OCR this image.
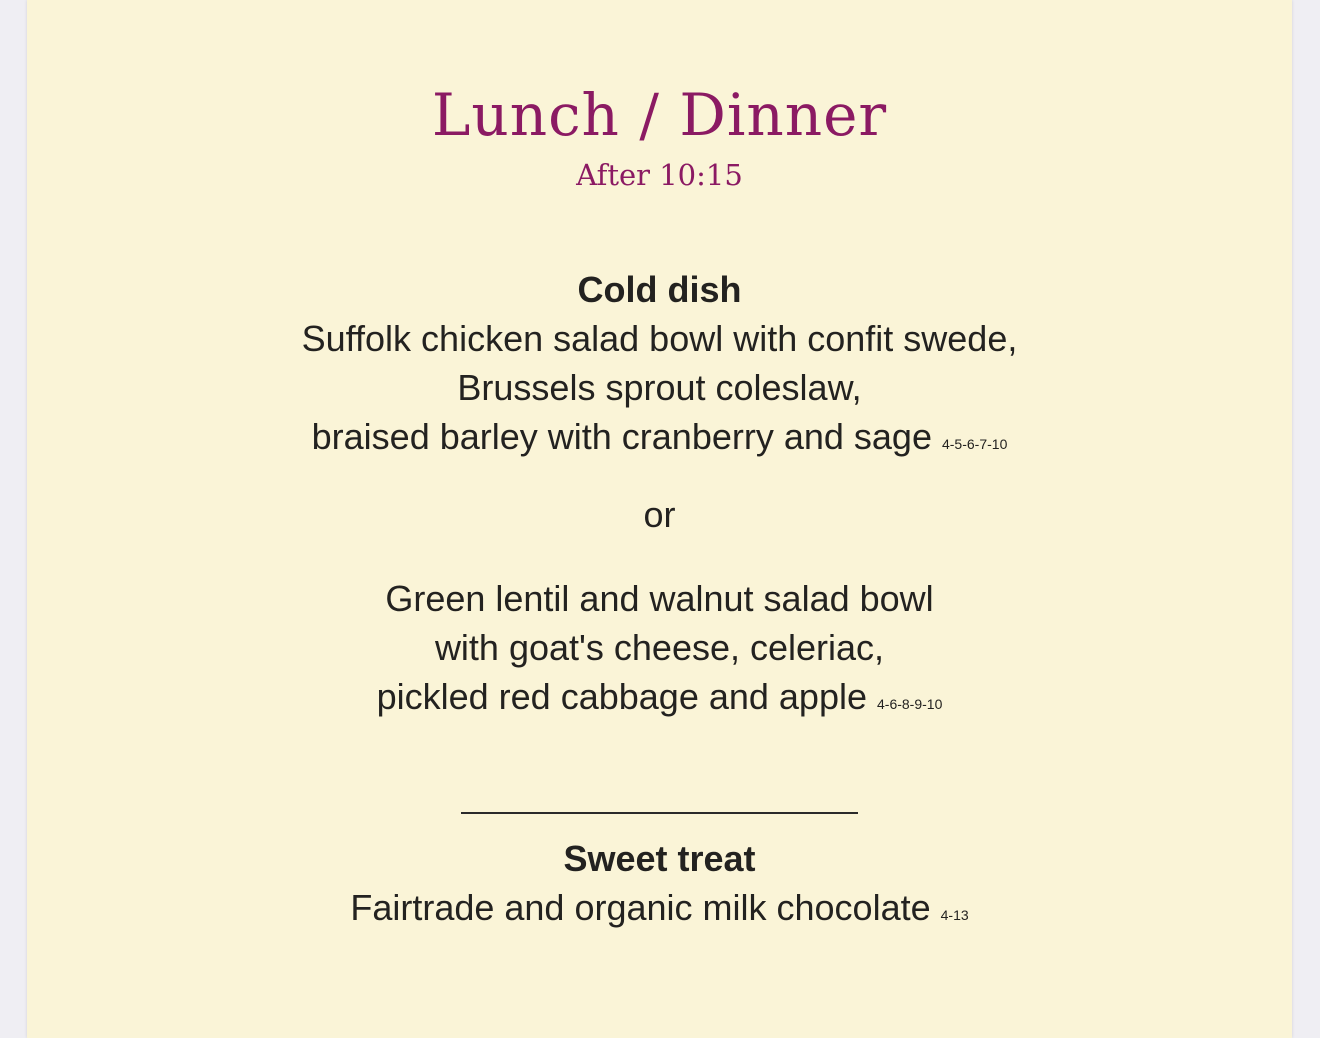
Lunch / Dinner
After 10:15
Cold dish
Suffolk chicken salad bowl with confit swede,
Brussels sprout coleslaw,
braised barley with cranberry and sage 4-5-6-7-10
or
Green lentil and walnut salad bowl
with goat's cheese, celeriac,
pickled red cabbage and apple 4-6-8-9-10
Sweet treat
Fairtrade and organic milk chocolate 4-13
